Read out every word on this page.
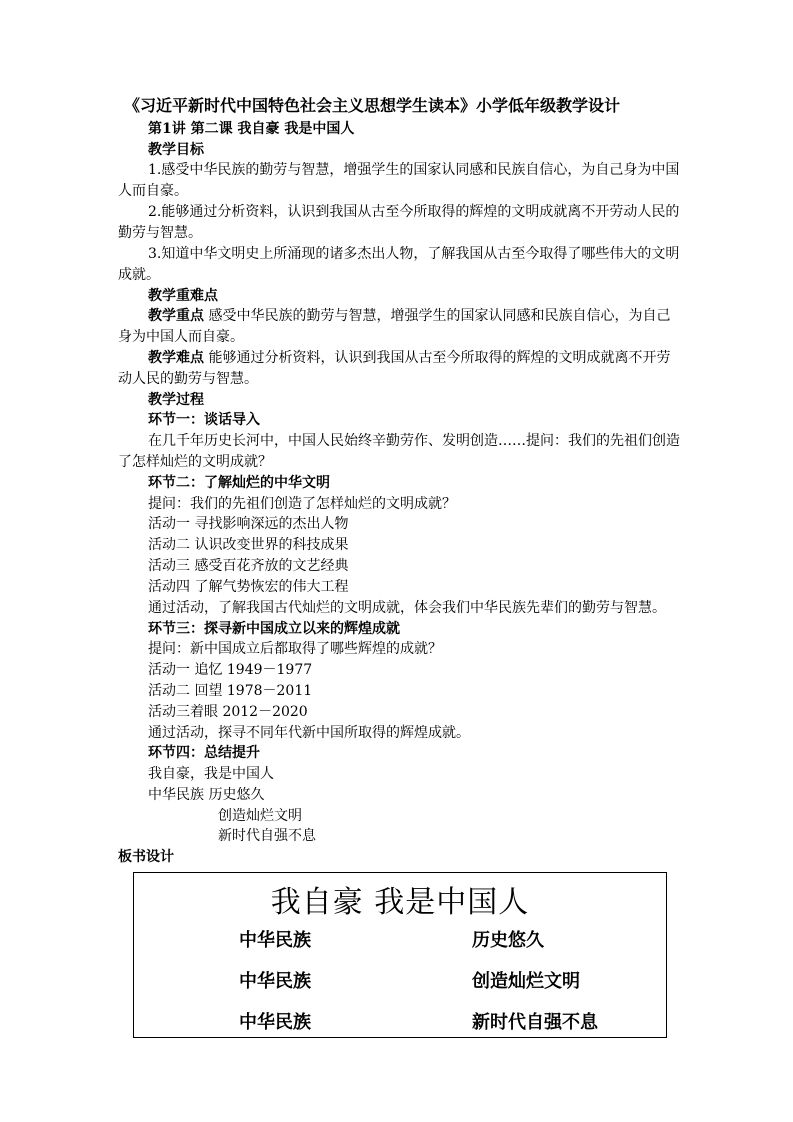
《习近平新时代中国特色社会主义思想学生读本》小学低年级教学设计
第1讲 第二课 我自豪 我是中国人
教学目标
1.感受中华民族的勤劳与智慧，增强学生的国家认同感和民族自信心，为自己身为中国
人而自豪。
2.能够通过分析资料，认识到我国从古至今所取得的辉煌的文明成就离不开劳动人民的
勤劳与智慧。
3.知道中华文明史上所涌现的诸多杰出人物，了解我国从古至今取得了哪些伟大的文明
成就。
教学重难点
教学重点 感受中华民族的勤劳与智慧，增强学生的国家认同感和民族自信心，为自己
身为中国人而自豪。
教学难点 能够通过分析资料，认识到我国从古至今所取得的辉煌的文明成就离不开劳
动人民的勤劳与智慧。
教学过程
环节一：谈话导入
在几千年历史长河中，中国人民始终辛勤劳作、发明创造……提问：我们的先祖们创造
了怎样灿烂的文明成就？
环节二：了解灿烂的中华文明
提问：我们的先祖们创造了怎样灿烂的文明成就？
活动一 寻找影响深远的杰出人物
活动二 认识改变世界的科技成果
活动三 感受百花齐放的文艺经典
活动四 了解气势恢宏的伟大工程
通过活动，了解我国古代灿烂的文明成就，体会我们中华民族先辈们的勤劳与智慧。
环节三：探寻新中国成立以来的辉煌成就
提问：新中国成立后都取得了哪些辉煌的成就？
活动一 追忆 1949－1977
活动二 回望 1978－2011
活动三着眼 2012－2020
通过活动，探寻不同年代新中国所取得的辉煌成就。
环节四：总结提升
我自豪，我是中国人
中华民族 历史悠久
创造灿烂文明
新时代自强不息
板书设计
我自豪 我是中国人
中华民族	历史悠久
中华民族	创造灿烂文明
中华民族	新时代自强不息
